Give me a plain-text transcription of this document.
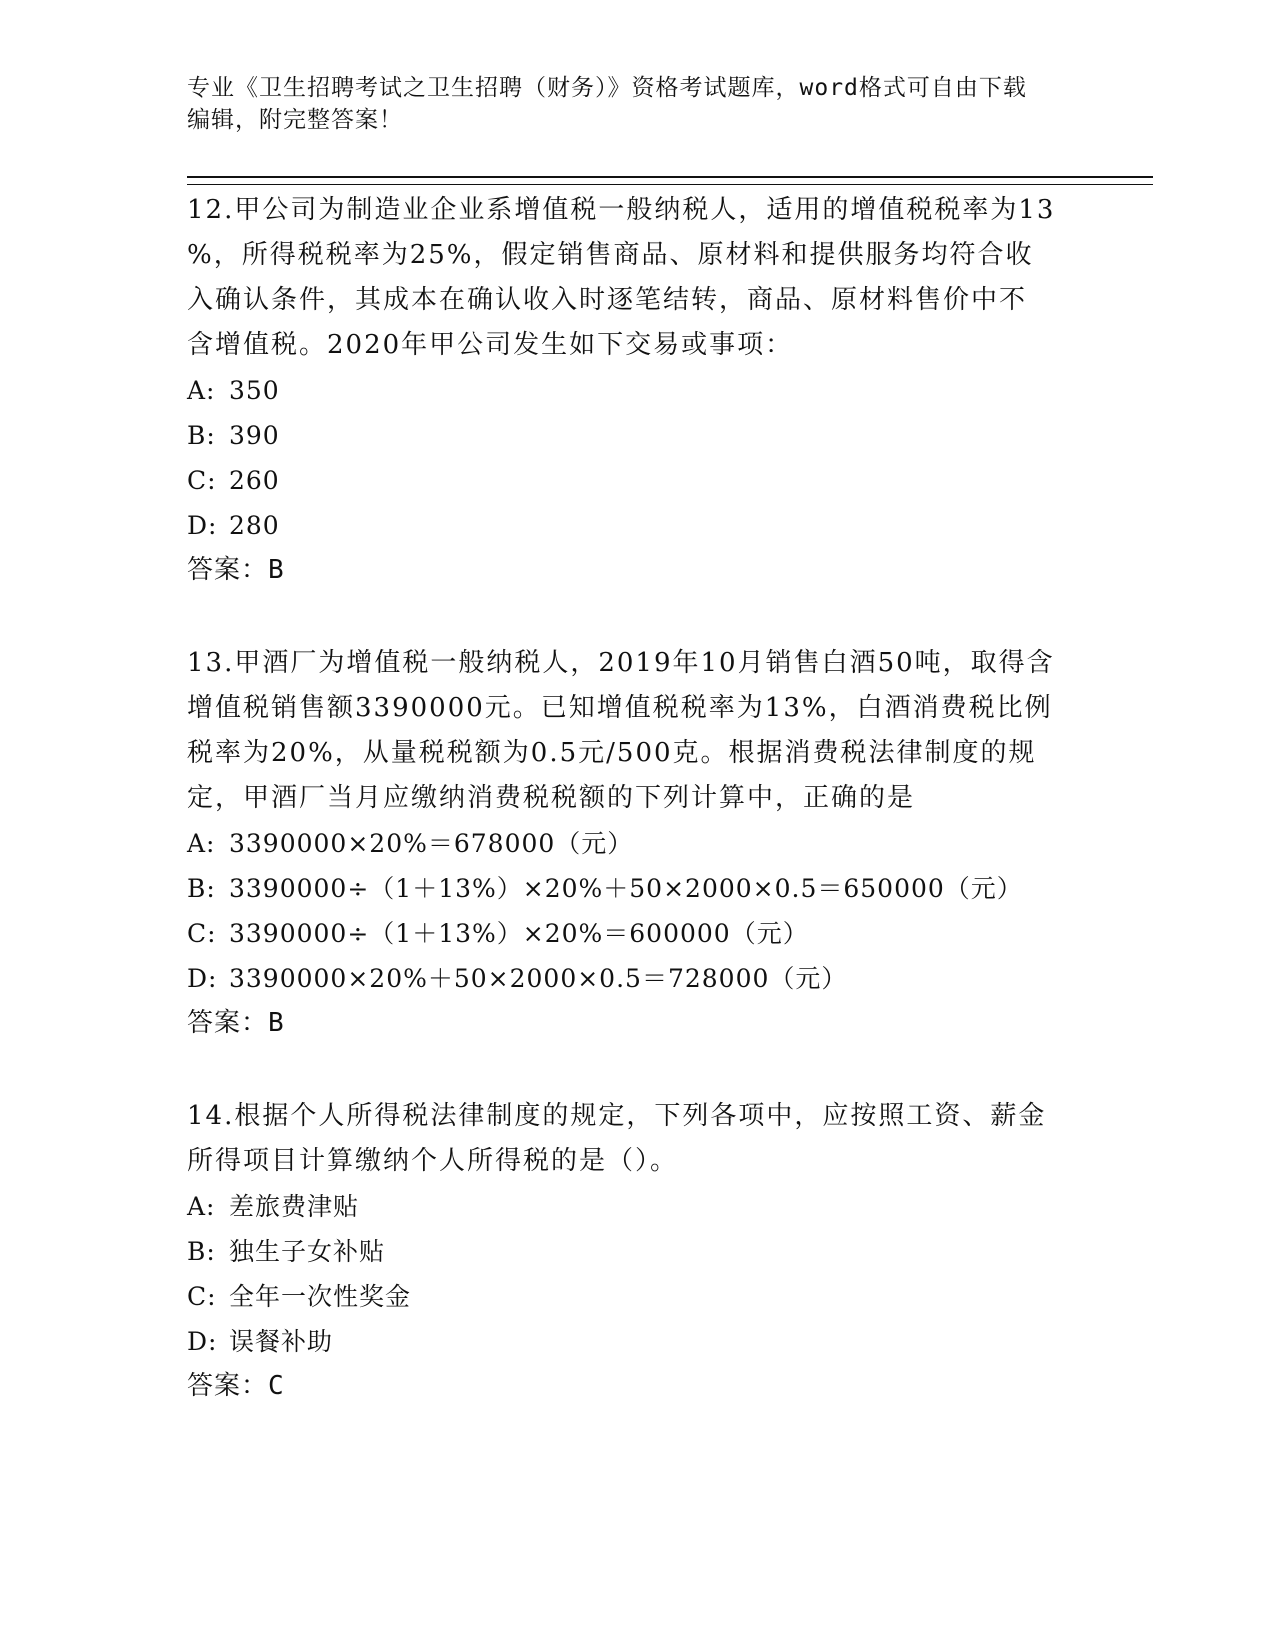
专业《卫生招聘考试之卫生招聘（财务）》资格考试题库，word格式可自由下载
编辑，附完整答案！

12.甲公司为制造业企业系增值税一般纳税人，适用的增值税税率为13

%，所得税税率为25%，假定销售商品、原材料和提供服务均符合收

入确认条件，其成本在确认收入时逐笔结转，商品、原材料售价中不

含增值税。2020年甲公司发生如下交易或事项：

A: 350

B: 390

C: 260

D: 280

答案：B

13.甲酒厂为增值税一般纳税人，2019年10月销售白酒50吨，取得含

增值税销售额3390000元。已知增值税税率为13%，白酒消费税比例

税率为20%，从量税税额为0.5元/500克。根据消费税法律制度的规

定，甲酒厂当月应缴纳消费税税额的下列计算中，正确的是

A: 3390000×20%＝678000（元）

B: 3390000÷（1＋13%）×20%＋50×2000×0.5＝650000（元）

C: 3390000÷（1＋13%）×20%＝600000（元）

D: 3390000×20%＋50×2000×0.5＝728000（元）

答案：B

14.根据个人所得税法律制度的规定，下列各项中，应按照工资、薪金

所得项目计算缴纳个人所得税的是（）。

A: 差旅费津贴

B: 独生子女补贴

C: 全年一次性奖金

D: 误餐补助

答案：C
